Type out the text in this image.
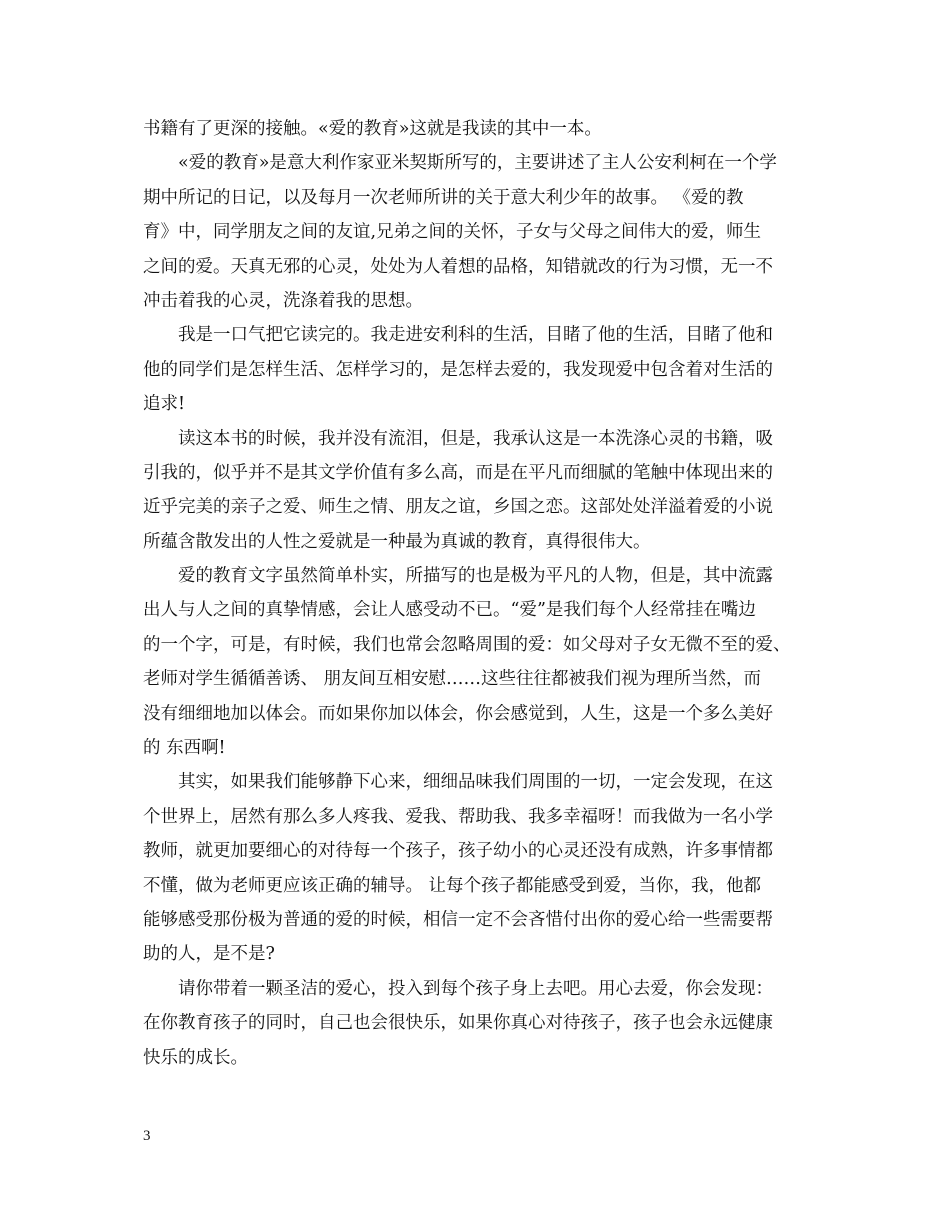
书籍有了更深的接触。«爱的教育»这就是我读的其中一本。
«爱的教育»是意大利作家亚米契斯所写的，主要讲述了主人公安利柯在一个学
期中所记的日记，以及每月一次老师所讲的关于意大利少年的故事。 《爱的教
育》中，同学朋友之间的友谊,兄弟之间的关怀，子女与父母之间伟大的爱，师生
之间的爱。天真无邪的心灵，处处为人着想的品格，知错就改的行为习惯，无一不
冲击着我的心灵，洗涤着我的思想。
我是一口气把它读完的。我走进安利科的生活，目睹了他的生活，目睹了他和
他的同学们是怎样生活、怎样学习的，是怎样去爱的，我发现爱中包含着对生活的
追求!
读这本书的时候，我并没有流泪，但是，我承认这是一本洗涤心灵的书籍，吸
引我的，似乎并不是其文学价值有多么高，而是在平凡而细腻的笔触中体现出来的
近乎完美的亲子之爱、师生之情、朋友之谊，乡国之恋。这部处处洋溢着爱的小说
所蕴含散发出的人性之爱就是一种最为真诚的教育，真得很伟大。
爱的教育文字虽然简单朴实，所描写的也是极为平凡的人物，但是，其中流露
出人与人之间的真挚情感，会让人感受动不已。“爱”是我们每个人经常挂在嘴边
的一个字，可是，有时候，我们也常会忽略周围的爱：如父母对子女无微不至的爱、
老师对学生循循善诱、 朋友间互相安慰……这些往往都被我们视为理所当然，而
没有细细地加以体会。而如果你加以体会，你会感觉到，人生，这是一个多么美好
的 东西啊!
其实，如果我们能够静下心来，细细品味我们周围的一切，一定会发现，在这
个世界上，居然有那么多人疼我、爱我、帮助我、我多幸福呀！而我做为一名小学
教师，就更加要细心的对待每一个孩子，孩子幼小的心灵还没有成熟，许多事情都
不懂，做为老师更应该正确的辅导。 让每个孩子都能感受到爱，当你，我，他都
能够感受那份极为普通的爱的时候，相信一定不会吝惜付出你的爱心给一些需要帮
助的人，是不是?
请你带着一颗圣洁的爱心，投入到每个孩子身上去吧。用心去爱，你会发现：
在你教育孩子的同时，自己也会很快乐，如果你真心对待孩子，孩子也会永远健康
快乐的成长。
3
